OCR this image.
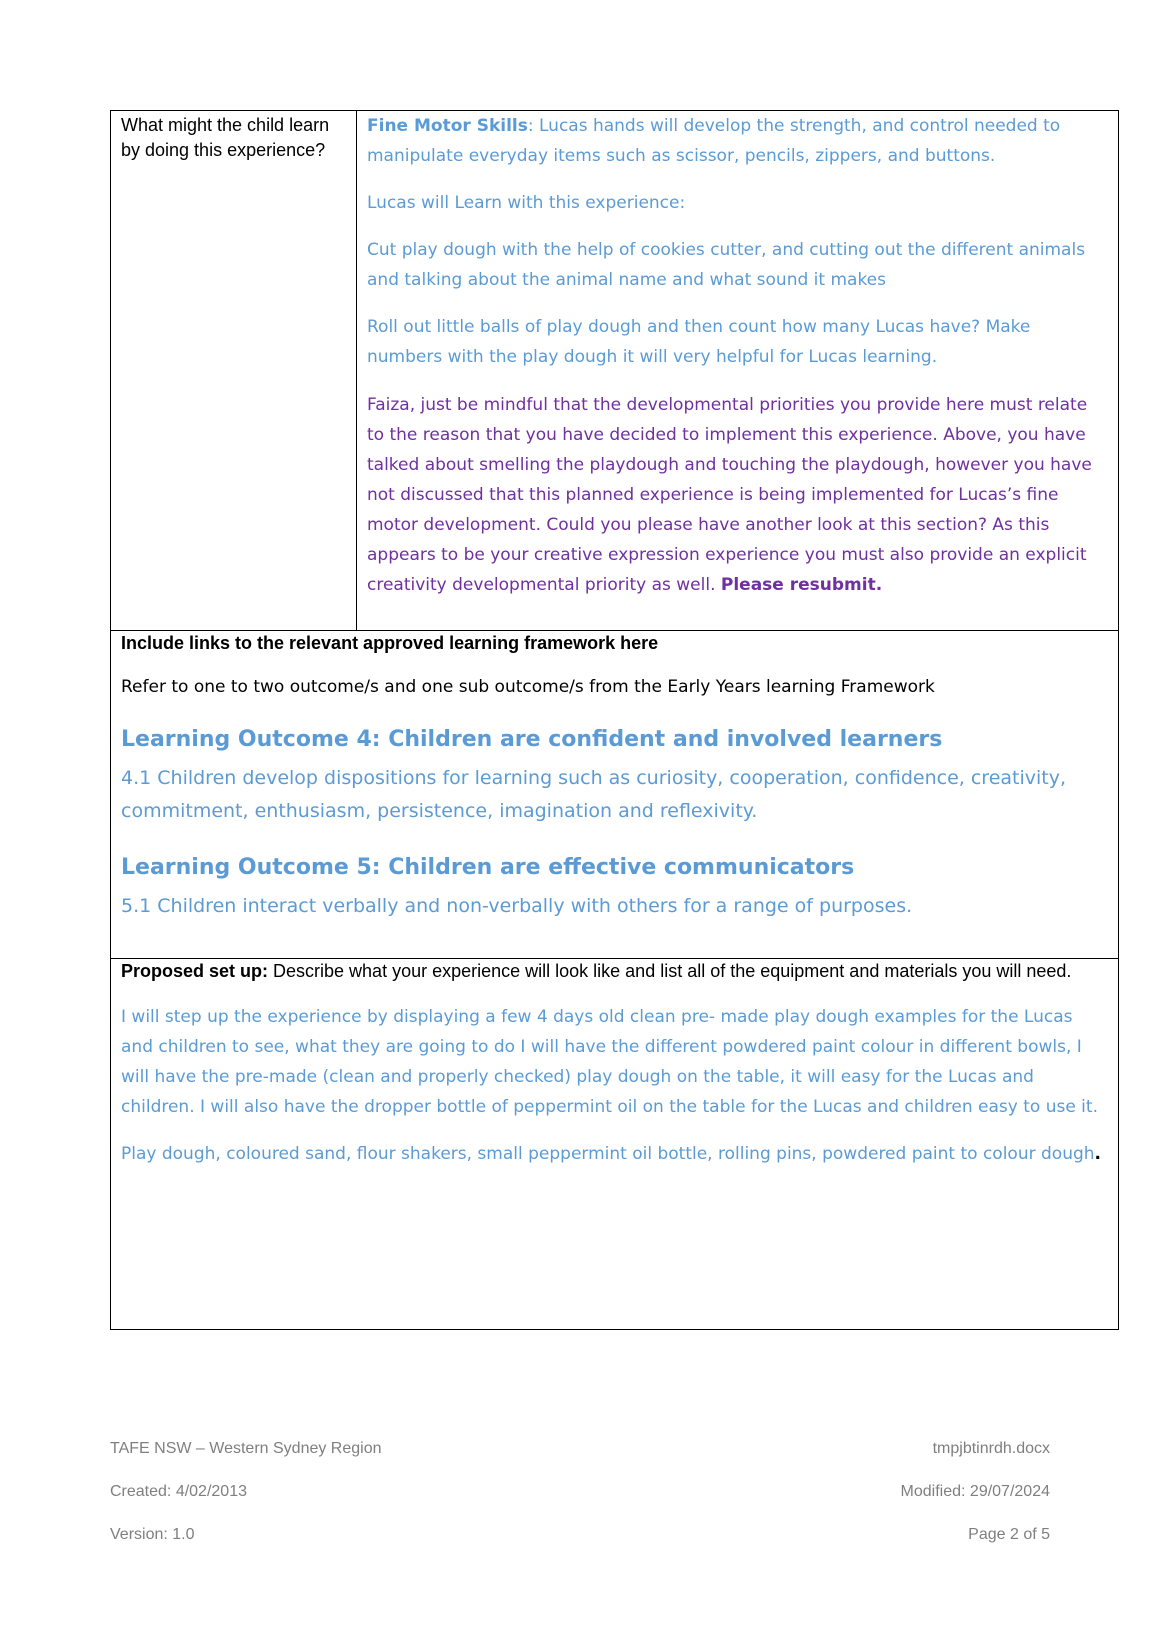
What might the child learn by doing this experience?

Fine Motor Skills: Lucas hands will develop the strength, and control needed to manipulate everyday items such as scissor, pencils, zippers, and buttons.

Lucas will Learn with this experience:

Cut play dough with the help of cookies cutter, and cutting out the different animals and talking about the animal name and what sound it makes

Roll out little balls of play dough and then count how many Lucas have? Make numbers with the play dough it will very helpful for Lucas learning.

Faiza, just be mindful that the developmental priorities you provide here must relate to the reason that you have decided to implement this experience. Above, you have talked about smelling the playdough and touching the playdough, however you have not discussed that this planned experience is being implemented for Lucas’s fine motor development. Could you please have another look at this section? As this appears to be your creative expression experience you must also provide an explicit creativity developmental priority as well. Please resubmit.

Include links to the relevant approved learning framework here

Refer to one to two outcome/s and one sub outcome/s from the Early Years learning Framework

Learning Outcome 4: Children are confident and involved learners

4.1 Children develop dispositions for learning such as curiosity, cooperation, confidence, creativity, commitment, enthusiasm, persistence, imagination and reflexivity.

Learning Outcome 5: Children are effective communicators

5.1 Children interact verbally and non-verbally with others for a range of purposes.

Proposed set up: Describe what your experience will look like and list all of the equipment and materials you will need.

I will step up the experience by displaying a few 4 days old clean pre- made play dough examples for the Lucas and children to see, what they are going to do I will have the different powdered paint colour in different bowls, I will have the pre-made (clean and properly checked) play dough on the table, it will easy for the Lucas and children. I will also have the dropper bottle of peppermint oil on the table for the Lucas and children easy to use it.

Play dough, coloured sand, flour shakers, small peppermint oil bottle, rolling pins, powdered paint to colour dough.

TAFE NSW – Western Sydney Region	tmpjbtinrdh.docx
Created: 4/02/2013	Modified: 29/07/2024
Version: 1.0	Page 2 of 5
